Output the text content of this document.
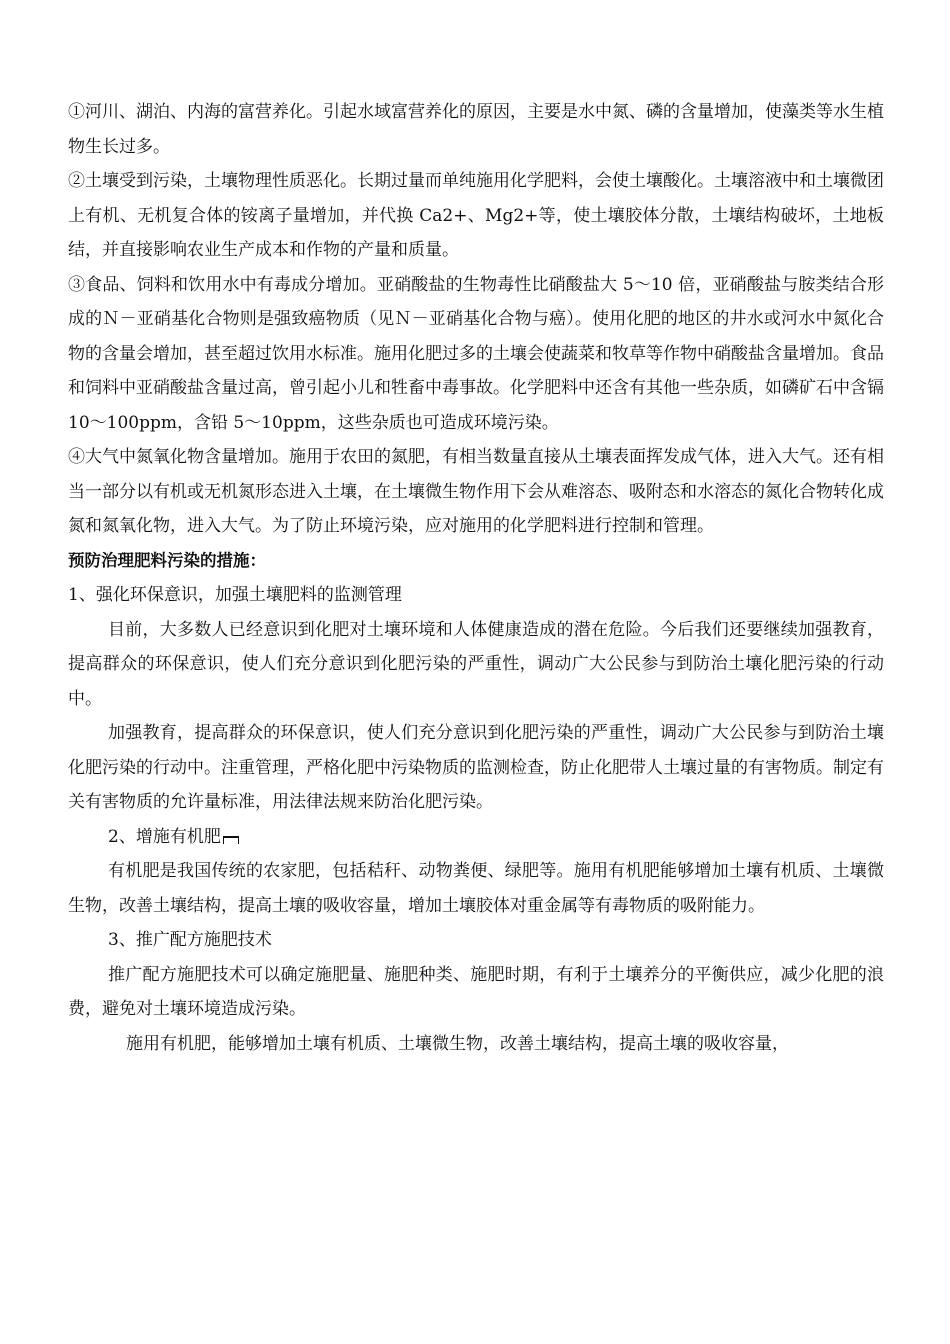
①河川、湖泊、内海的富营养化。引起水域富营养化的原因，主要是水中氮、磷的含量增加，使藻类等水生植物生长过多。

②土壤受到污染，土壤物理性质恶化。长期过量而单纯施用化学肥料，会使土壤酸化。土壤溶液中和土壤微团上有机、无机复合体的铵离子量增加，并代换 Ca2+、Mg2+等，使土壤胶体分散，土壤结构破坏，土地板结，并直接影响农业生产成本和作物的产量和质量。

③食品、饲料和饮用水中有毒成分增加。亚硝酸盐的生物毒性比硝酸盐大 5～10 倍，亚硝酸盐与胺类结合形成的Ｎ－亚硝基化合物则是强致癌物质（见Ｎ－亚硝基化合物与癌）。使用化肥的地区的井水或河水中氮化合物的含量会增加，甚至超过饮用水标准。施用化肥过多的土壤会使蔬菜和牧草等作物中硝酸盐含量增加。食品和饲料中亚硝酸盐含量过高，曾引起小儿和牲畜中毒事故。化学肥料中还含有其他一些杂质，如磷矿石中含镉 10～100ppm，含铅 5～10ppm，这些杂质也可造成环境污染。

④大气中氮氧化物含量增加。施用于农田的氮肥，有相当数量直接从土壤表面挥发成气体，进入大气。还有相当一部分以有机或无机氮形态进入土壤，在土壤微生物作用下会从难溶态、吸附态和水溶态的氮化合物转化成氮和氮氧化物，进入大气。为了防止环境污染，应对施用的化学肥料进行控制和管理。

预防治理肥料污染的措施：

1、强化环保意识，加强土壤肥料的监测管理

目前，大多数人已经意识到化肥对土壤环境和人体健康造成的潜在危险。今后我们还要继续加强教育，提高群众的环保意识，使人们充分意识到化肥污染的严重性，调动广大公民参与到防治土壤化肥污染的行动中。

加强教育，提高群众的环保意识，使人们充分意识到化肥污染的严重性，调动广大公民参与到防治土壤化肥污染的行动中。注重管理，严格化肥中污染物质的监测检查，防止化肥带人土壤过量的有害物质。制定有关有害物质的允许量标准，用法律法规来防治化肥污染。

2、增施有机肥

有机肥是我国传统的农家肥，包括秸秆、动物粪便、绿肥等。施用有机肥能够增加土壤有机质、土壤微生物，改善土壤结构，提高土壤的吸收容量，增加土壤胶体对重金属等有毒物质的吸附能力。

3、推广配方施肥技术

推广配方施肥技术可以确定施肥量、施肥种类、施肥时期，有利于土壤养分的平衡供应，减少化肥的浪费，避免对土壤环境造成污染。

施用有机肥，能够增加土壤有机质、土壤微生物，改善土壤结构，提高土壤的吸收容量，
